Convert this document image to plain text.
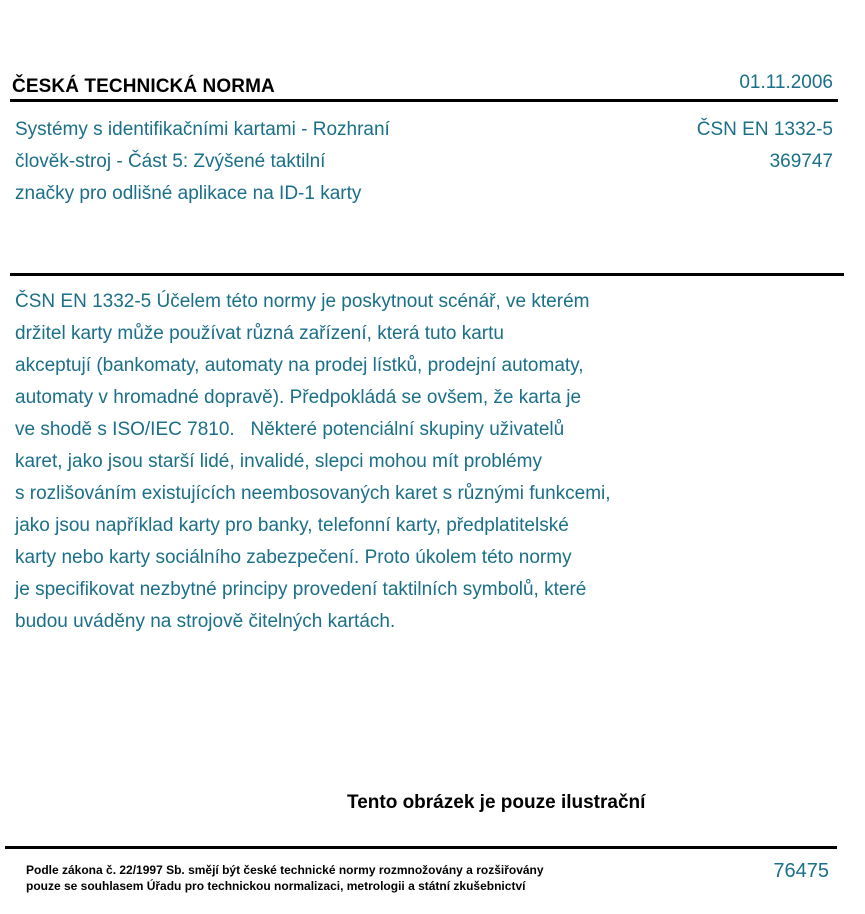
ČESKÁ TECHNICKÁ NORMA	01.11.2006
Systémy s identifikačními kartami - Rozhraní
člověk-stroj - Část 5: Zvýšené taktilní
značky pro odlišné aplikace na ID-1 karty
ČSN EN 1332-5
369747
ČSN EN 1332-5 Účelem této normy je poskytnout scénář, ve kterém
držitel karty může používat různá zařízení, která tuto kartu
akceptují (bankomaty, automaty na prodej lístků, prodejní automaty,
automaty v hromadné dopravě). Předpokládá se ovšem, že karta je
ve shodě s ISO/IEC 7810.   Některé potenciální skupiny uživatelů
karet, jako jsou starší lidé, invalidé, slepci mohou mít problémy
s rozlišováním existujících neembosovaných karet s různými funkcemi,
jako jsou například karty pro banky, telefonní karty, předplatitelské
karty nebo karty sociálního zabezpečení. Proto úkolem této normy
je specifikovat nezbytné principy provedení taktilních symbolů, které
budou uváděny na strojově čitelných kartách.
Tento obrázek je pouze ilustrační
Podle zákona č. 22/1997 Sb. smějí být české technické normy rozmnožovány a rozšiřovány
pouze se souhlasem Úřadu pro technickou normalizaci, metrologii a státní zkušebnictví
76475
